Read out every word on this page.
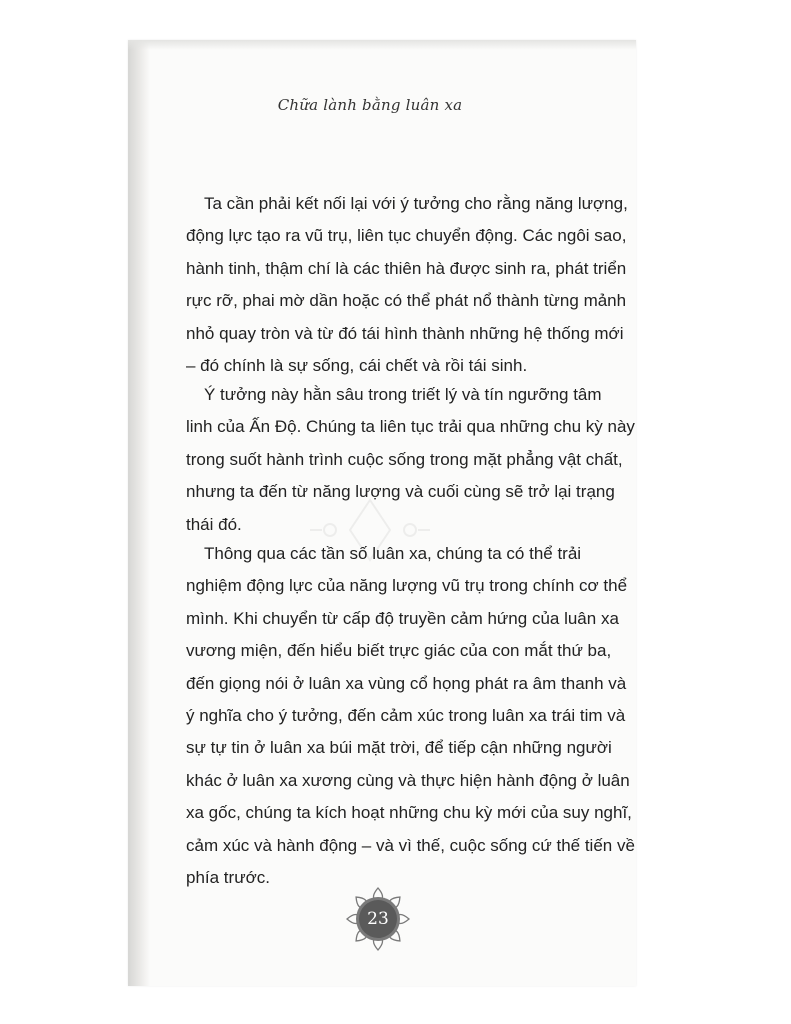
Chữa lành bằng luân xa
Ta cần phải kết nối lại với ý tưởng cho rằng năng lượng,
động lực tạo ra vũ trụ, liên tục chuyển động. Các ngôi sao,
hành tinh, thậm chí là các thiên hà được sinh ra, phát triển
rực rỡ, phai mờ dần hoặc có thể phát nổ thành từng mảnh
nhỏ quay tròn và từ đó tái hình thành những hệ thống mới
– đó chính là sự sống, cái chết và rồi tái sinh.
Ý tưởng này hằn sâu trong triết lý và tín ngưỡng tâm
linh của Ấn Độ. Chúng ta liên tục trải qua những chu kỳ này
trong suốt hành trình cuộc sống trong mặt phẳng vật chất,
nhưng ta đến từ năng lượng và cuối cùng sẽ trở lại trạng
thái đó.
Thông qua các tần số luân xa, chúng ta có thể trải
nghiệm động lực của năng lượng vũ trụ trong chính cơ thể
mình. Khi chuyển từ cấp độ truyền cảm hứng của luân xa
vương miện, đến hiểu biết trực giác của con mắt thứ ba,
đến giọng nói ở luân xa vùng cổ họng phát ra âm thanh và
ý nghĩa cho ý tưởng, đến cảm xúc trong luân xa trái tim và
sự tự tin ở luân xa búi mặt trời, để tiếp cận những người
khác ở luân xa xương cùng và thực hiện hành động ở luân
xa gốc, chúng ta kích hoạt những chu kỳ mới của suy nghĩ,
cảm xúc và hành động – và vì thế, cuộc sống cứ thế tiến về
phía trước.
23
